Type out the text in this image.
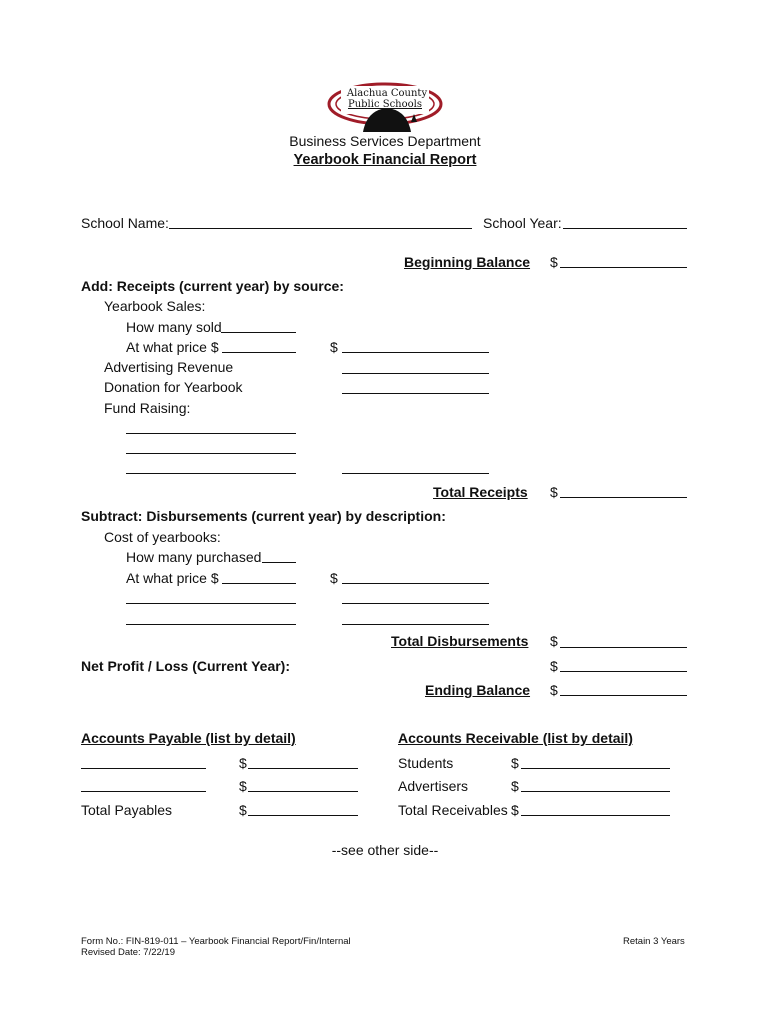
Alachua County
Public Schools
Business Services Department
Yearbook Financial Report
School Name:	School Year:
Beginning Balance $
Add: Receipts (current year) by source:
Yearbook Sales:
How many sold
At what price $	$
Advertising Revenue
Donation for Yearbook
Fund Raising:
Total Receipts $
Subtract: Disbursements (current year) by description:
Cost of yearbooks:
How many purchased
At what price $	$
Total Disbursements $
Net Profit / Loss (Current Year):	$
Ending Balance $
Accounts Payable (list by detail)
$
$
Total Payables	$
Accounts Receivable (list by detail)
Students	$
Advertisers	$
Total Receivables $
--see other side--
Form No.: FIN-819-011 – Yearbook Financial Report/Fin/Internal
Revised Date: 7/22/19
Retain 3 Years
